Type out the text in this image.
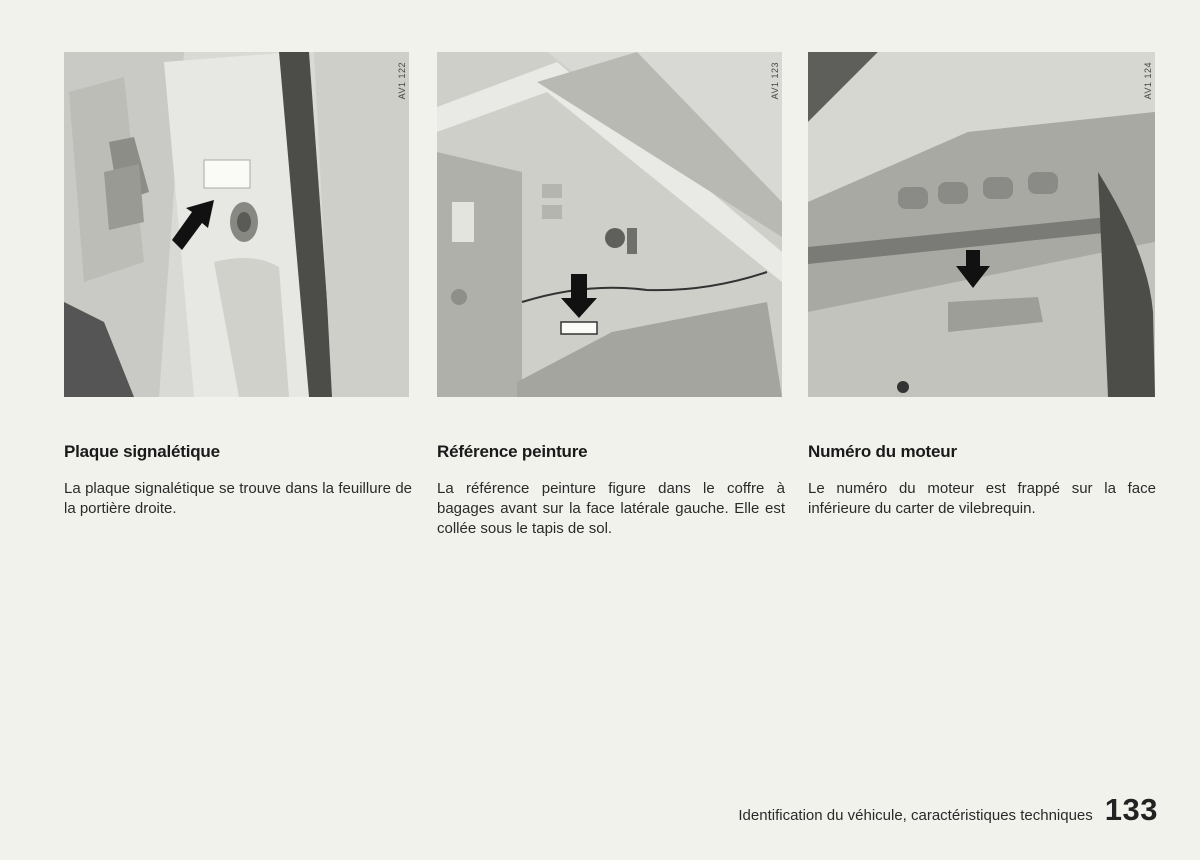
AV1 122	AV1 123	AV1 124
Plaque signalétique

La plaque signalétique se trouve dans la feuillure de la portière droite.

Référence peinture

La référence peinture figure dans le coffre à bagages avant sur la face latérale gauche. Elle est collée sous le tapis de sol.

Numéro du moteur

Le numéro du moteur est frappé sur la face inférieure du carter de vilebrequin.

Identification du véhicule, caractéristiques techniques 133
